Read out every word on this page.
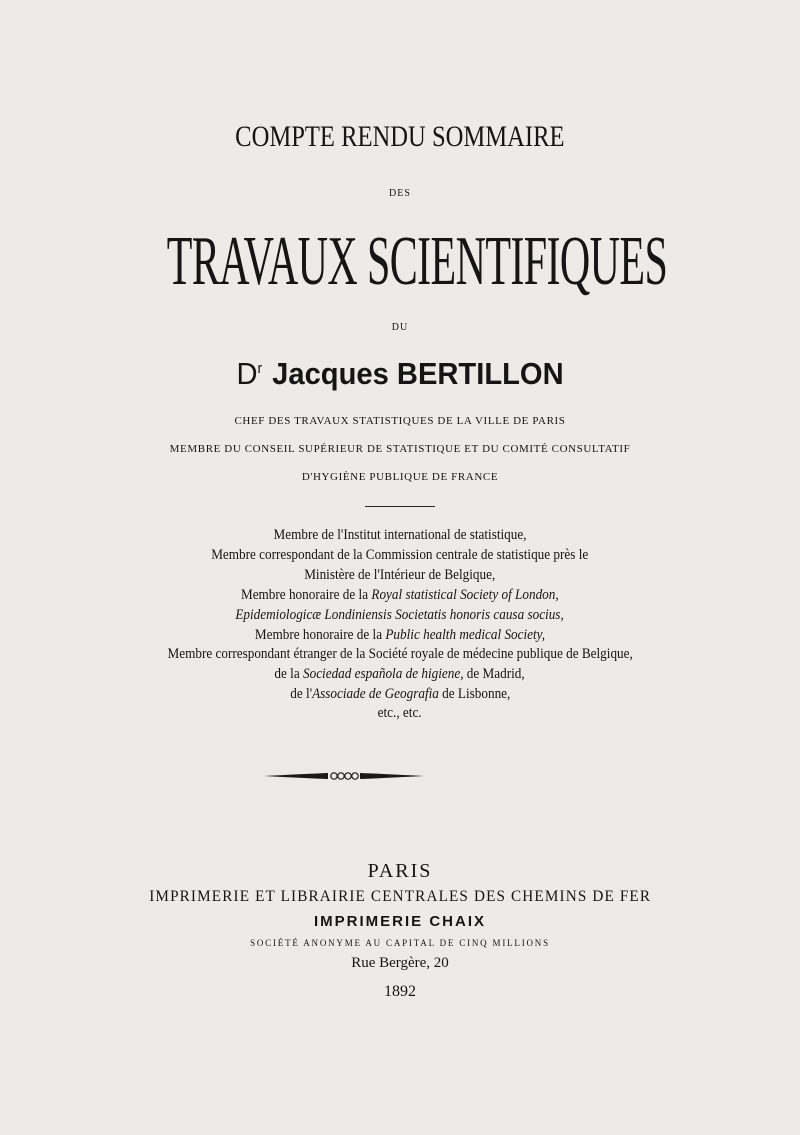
COMPTE RENDU SOMMAIRE
DES
TRAVAUX SCIENTIFIQUES
DU
$D^r$ Jacques BERTILLON
CHEF DES TRAVAUX STATISTIQUES DE LA VILLE DE PARIS
MEMBRE DU CONSEIL SUPÉRIEUR DE STATISTIQUE ET DU COMITÉ CONSULTATIF
D'HYGIÈNE PUBLIQUE DE FRANCE
Membre de l'Institut international de statistique,
Membre correspondant de la Commission centrale de statistique près le
Ministère de l'Intérieur de Belgique,
Membre honoraire de la Royal statistical Society of London,
Epidemiologicæ Londiniensis Societatis honoris causa socius,
Membre honoraire de la Public health medical Society,
Membre correspondant étranger de la Société royale de médecine publique de Belgique,
de la Sociedad española de higiene, de Madrid,
de l'Associade de Geografia de Lisbonne,
etc., etc.
PARIS
IMPRIMERIE ET LIBRAIRIE CENTRALES DES CHEMINS DE FER
IMPRIMERIE CHAIX
SOCIÉTÉ ANONYME AU CAPITAL DE CINQ MILLIONS
Rue Bergère, 20
1892
